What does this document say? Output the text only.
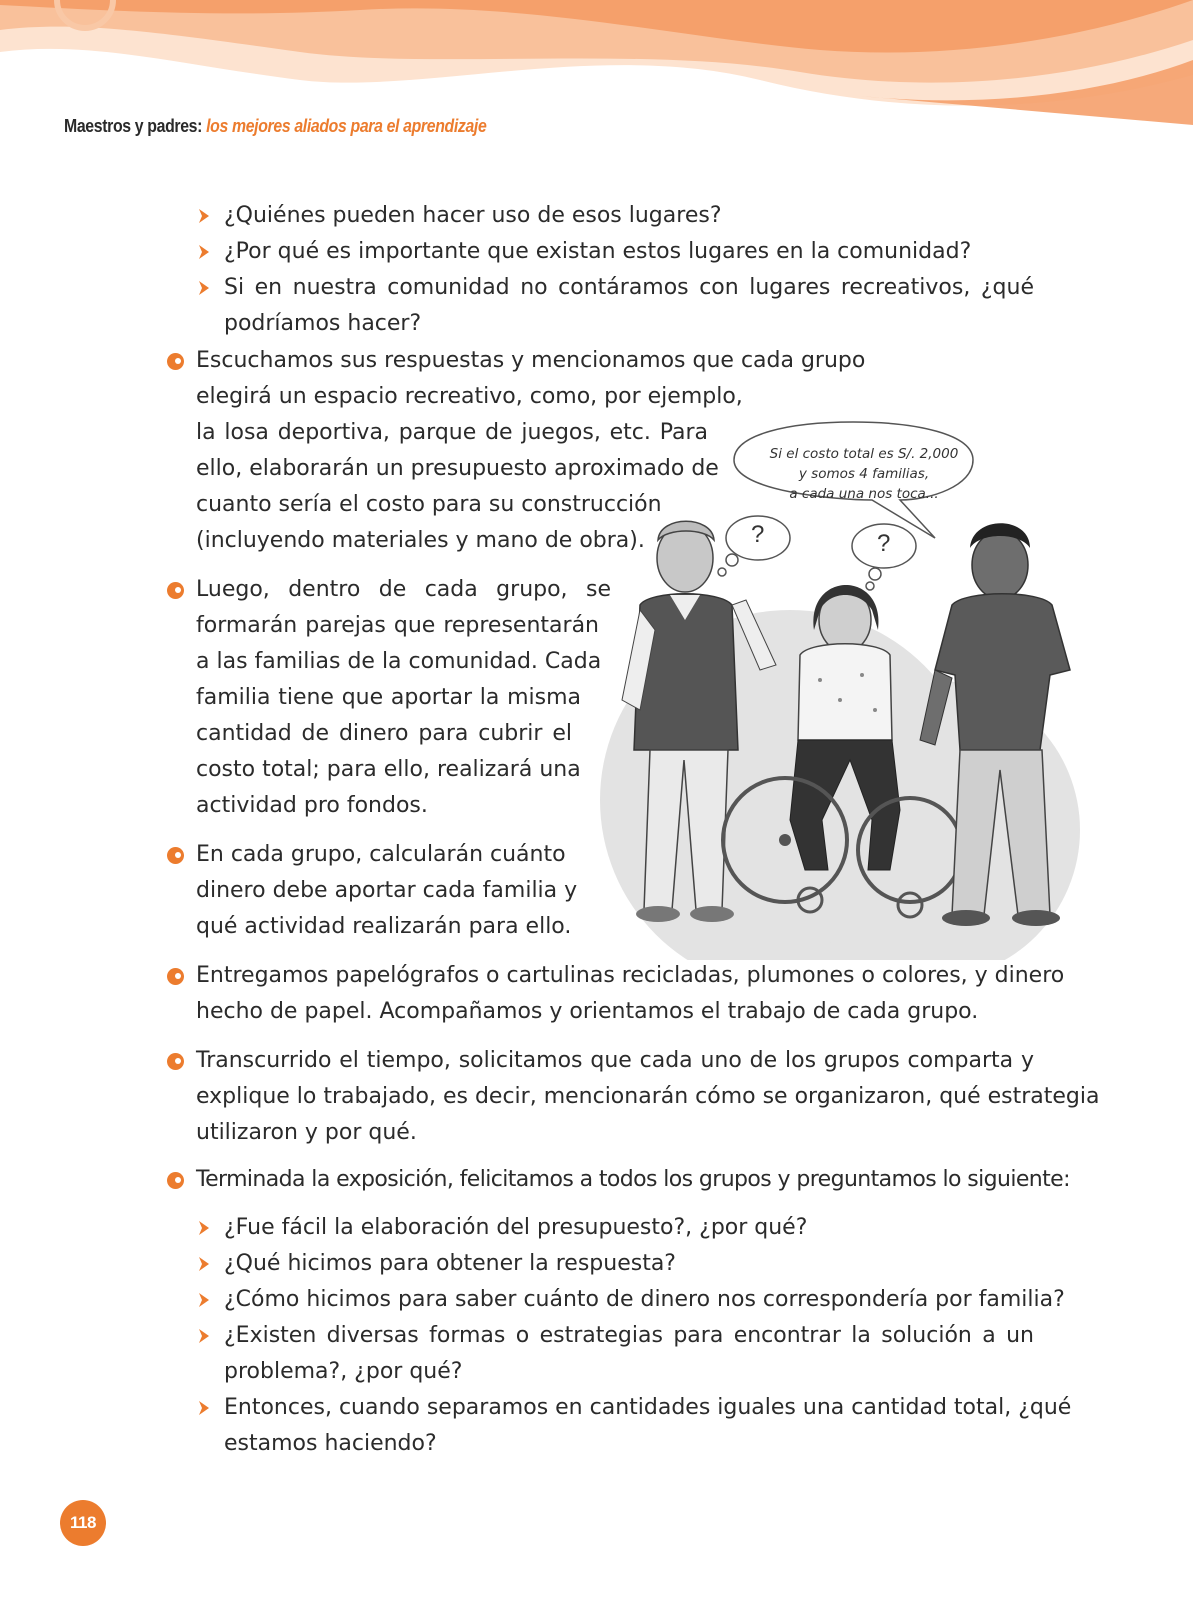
Maestros y padres: los mejores aliados para el aprendizaje
¿Quiénes pueden hacer uso de esos lugares?
¿Por qué es importante que existan estos lugares en la comunidad?
Si en nuestra comunidad no contáramos con lugares recreativos, ¿qué
podríamos hacer?
Escuchamos sus respuestas y mencionamos que cada grupo
elegirá un espacio recreativo, como, por ejemplo,
la losa deportiva, parque de juegos, etc. Para
ello, elaborarán un presupuesto aproximado de
cuanto sería el costo para su construcción
(incluyendo materiales y mano de obra).
Luego, dentro de cada grupo, se
formarán parejas que representarán
a las familias de la comunidad. Cada
familia tiene que aportar la misma
cantidad de dinero para cubrir el
costo total; para ello, realizará una
actividad pro fondos.
En cada grupo, calcularán cuánto
dinero debe aportar cada familia y
qué actividad realizarán para ello.
Entregamos papelógrafos o cartulinas recicladas, plumones o colores, y dinero
hecho de papel. Acompañamos y orientamos el trabajo de cada grupo.
Transcurrido el tiempo, solicitamos que cada uno de los grupos comparta y
explique lo trabajado, es decir, mencionarán cómo se organizaron, qué estrategia
utilizaron y por qué.
Terminada la exposición, felicitamos a todos los grupos y preguntamos lo siguiente:
¿Fue fácil la elaboración del presupuesto?, ¿por qué?
¿Qué hicimos para obtener la respuesta?
¿Cómo hicimos para saber cuánto de dinero nos correspondería por familia?
¿Existen diversas formas o estrategias para encontrar la solución a un
problema?, ¿por qué?
Entonces, cuando separamos en cantidades iguales una cantidad total, ¿qué
estamos haciendo?
Si el costo total es S/. 2,000
y somos 4 familias,
a cada una nos toca...
?	?
118
